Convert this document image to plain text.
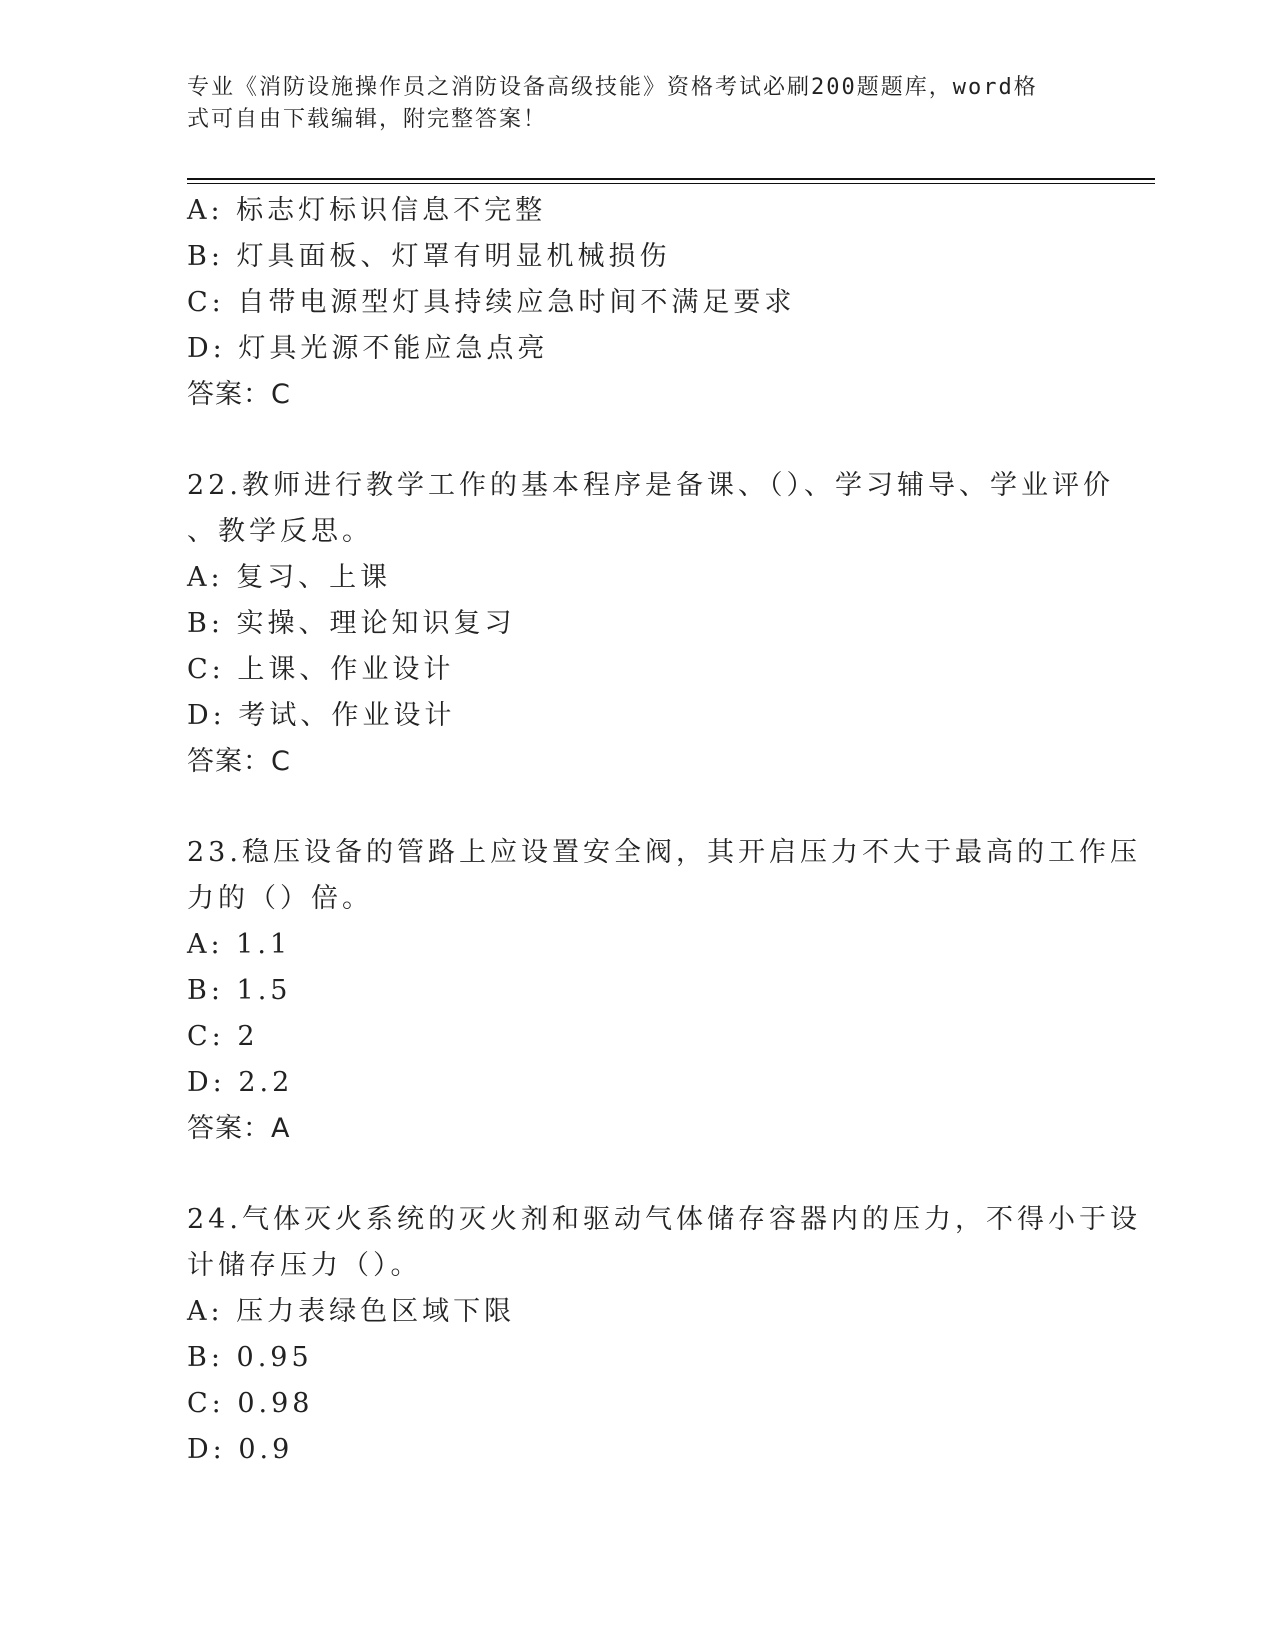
专业《消防设施操作员之消防设备高级技能》资格考试必刷200题题库，word格
式可自由下载编辑，附完整答案！
A: 标志灯标识信息不完整
B: 灯具面板、灯罩有明显机械损伤
C: 自带电源型灯具持续应急时间不满足要求
D: 灯具光源不能应急点亮
答案：C
22.教师进行教学工作的基本程序是备课、（）、学习辅导、学业评价
、教学反思。
A: 复习、上课
B: 实操、理论知识复习
C: 上课、作业设计
D: 考试、作业设计
答案：C
23.稳压设备的管路上应设置安全阀，其开启压力不大于最高的工作压
力的（）倍。
A: 1.1
B: 1.5
C: 2
D: 2.2
答案：A
24.气体灭火系统的灭火剂和驱动气体储存容器内的压力，不得小于设
计储存压力（）。
A: 压力表绿色区域下限
B: 0.95
C: 0.98
D: 0.9
